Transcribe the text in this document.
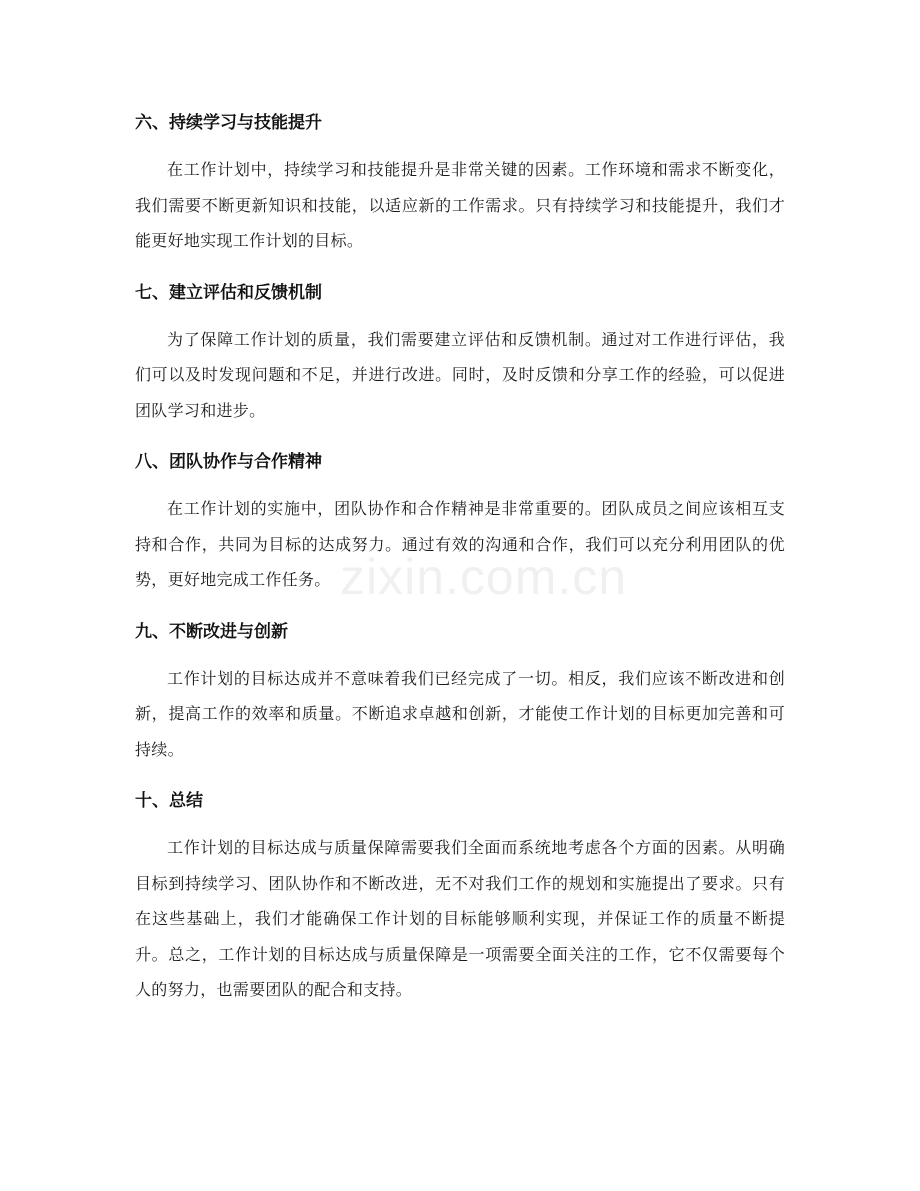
六、持续学习与技能提升

在工作计划中，持续学习和技能提升是非常关键的因素。工作环境和需求不断变化，我们需要不断更新知识和技能，以适应新的工作需求。只有持续学习和技能提升，我们才能更好地实现工作计划的目标。

七、建立评估和反馈机制

为了保障工作计划的质量，我们需要建立评估和反馈机制。通过对工作进行评估，我们可以及时发现问题和不足，并进行改进。同时，及时反馈和分享工作的经验，可以促进团队学习和进步。

八、团队协作与合作精神

在工作计划的实施中，团队协作和合作精神是非常重要的。团队成员之间应该相互支持和合作，共同为目标的达成努力。通过有效的沟通和合作，我们可以充分利用团队的优势，更好地完成工作任务。

九、不断改进与创新

工作计划的目标达成并不意味着我们已经完成了一切。相反，我们应该不断改进和创新，提高工作的效率和质量。不断追求卓越和创新，才能使工作计划的目标更加完善和可持续。

十、总结

工作计划的目标达成与质量保障需要我们全面而系统地考虑各个方面的因素。从明确目标到持续学习、团队协作和不断改进，无不对我们工作的规划和实施提出了要求。只有在这些基础上，我们才能确保工作计划的目标能够顺利实现，并保证工作的质量不断提升。总之，工作计划的目标达成与质量保障是一项需要全面关注的工作，它不仅需要每个人的努力，也需要团队的配合和支持。

zixin.com.cn
